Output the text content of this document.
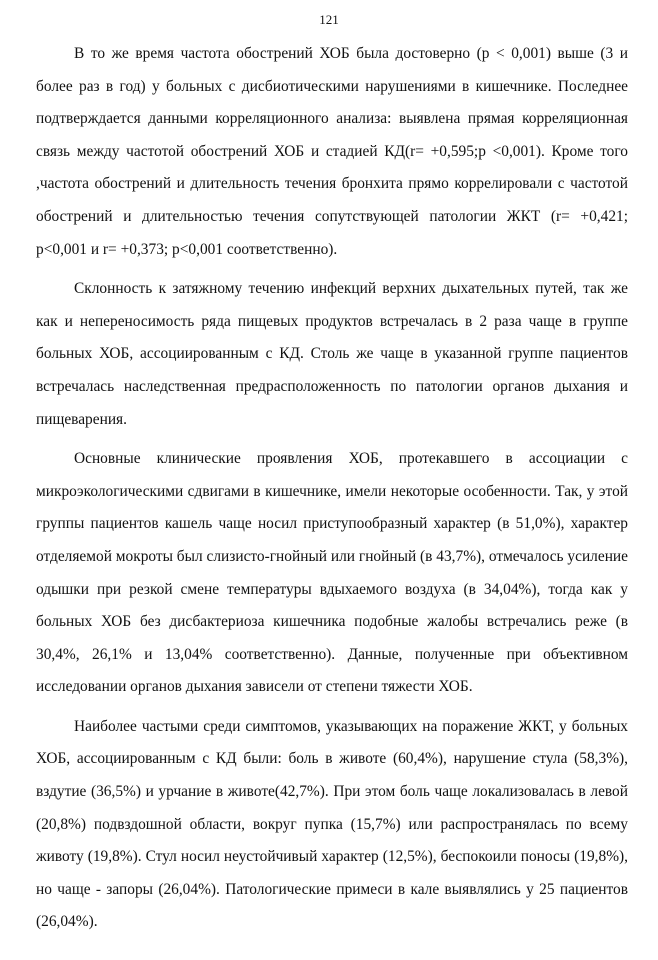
121

В то же время частота обострений ХОБ была достоверно (р < 0,001) выше (3 и более раз в год) у больных с дисбиотическими нарушениями в кишечнике. Последнее подтверждается данными корреляционного анализа: выявлена прямая корреляционная связь между частотой обострений ХОБ и стадией КД(r= +0,595;р <0,001). Кроме того ,частота обострений и длительность течения бронхита прямо коррелировали с частотой обострений и длительностью течения сопутствующей патологии ЖКТ (r= +0,421; р<0,001 и r= +0,373; р<0,001 соответственно).

Склонность к затяжному течению инфекций верхних дыхательных путей, так же как и непереносимость ряда пищевых продуктов встречалась в 2 раза чаще в группе больных ХОБ, ассоциированным с КД. Столь же чаще в указанной группе пациентов встречалась наследственная предрасположенность по патологии органов дыхания и пищеварения.

Основные клинические проявления ХОБ, протекавшего в ассоциации с микроэкологическими сдвигами в кишечнике, имели некоторые особенности. Так, у этой группы пациентов кашель чаще носил приступообразный характер (в 51,0%), характер отделяемой мокроты был слизисто-гнойный или гнойный (в 43,7%), отмечалось усиление одышки при резкой смене температуры вдыхаемого воздуха (в 34,04%), тогда как у больных ХОБ без дисбактериоза кишечника подобные жалобы встречались реже (в 30,4%, 26,1% и 13,04% соответственно). Данные, полученные при объективном исследовании органов дыхания зависели от степени тяжести ХОБ.

Наиболее частыми среди симптомов, указывающих на поражение ЖКТ, у больных ХОБ, ассоциированным с КД были: боль в животе (60,4%), нарушение стула (58,3%), вздутие (36,5%) и урчание в животе(42,7%). При этом боль чаще локализовалась в левой (20,8%) подвздошной области, вокруг пупка (15,7%) или распространялась по всему животу (19,8%). Стул носил неустойчивый характер (12,5%), беспокоили поносы (19,8%), но чаще - запоры (26,04%). Патологические примеси в кале выявлялись у 25 пациентов (26,04%).
